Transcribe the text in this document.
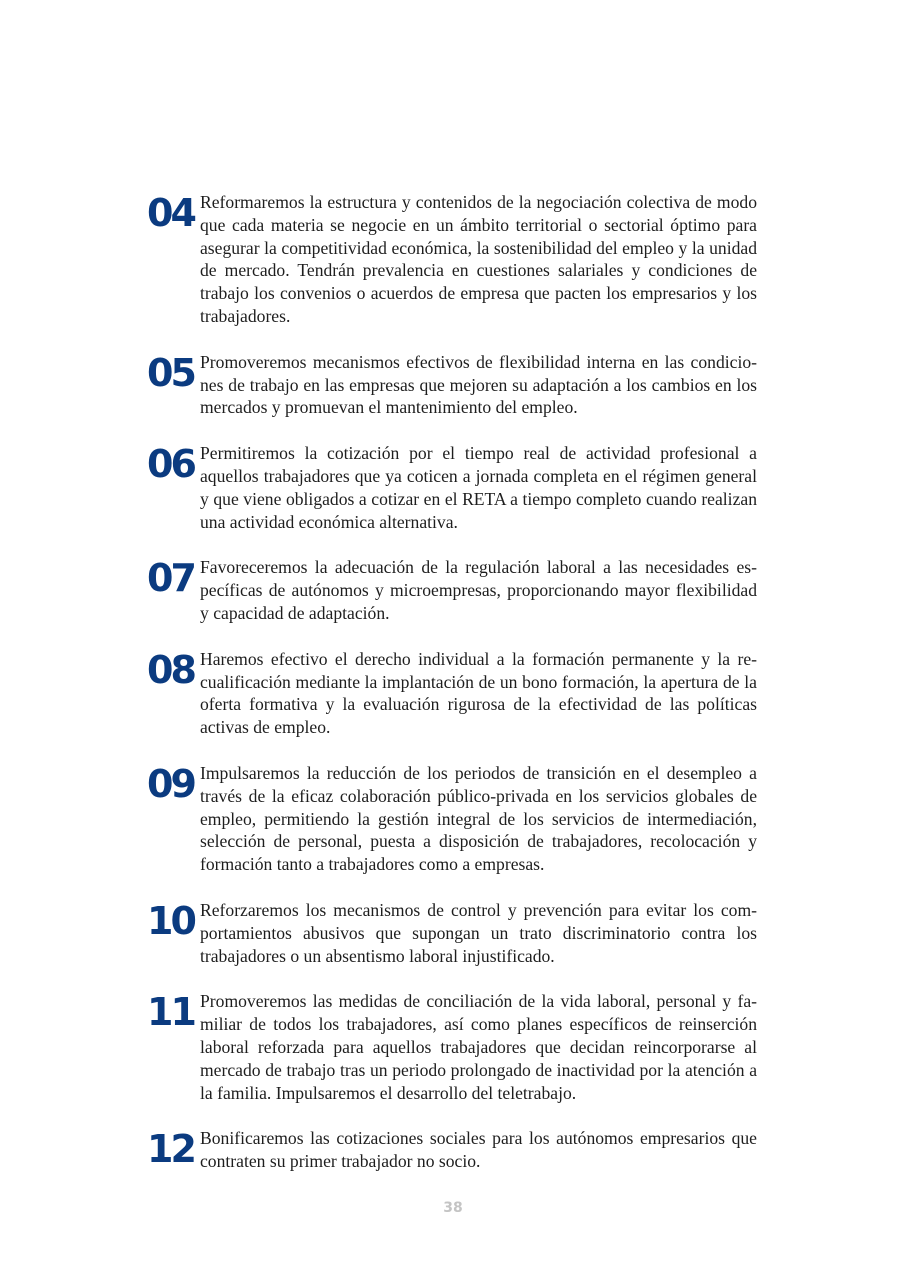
04 Reformaremos la estructura y contenidos de la negociación colectiva de modo que cada materia se negocie en un ámbito territorial o sectorial óptimo para asegurar la competitividad económica, la sostenibilidad del empleo y la unidad de mercado. Tendrán prevalencia en cuestiones salariales y condiciones de trabajo los convenios o acuerdos de empresa que pacten los empresarios y los trabajadores.
05 Promoveremos mecanismos efectivos de flexibilidad interna en las condiciones de trabajo en las empresas que mejoren su adaptación a los cambios en los mercados y promuevan el mantenimiento del empleo.
06 Permitiremos la cotización por el tiempo real de actividad profesional a aquellos trabajadores que ya coticen a jornada completa en el régimen general y que viene obligados a cotizar en el RETA a tiempo completo cuando realizan una actividad económica alternativa.
07 Favoreceremos la adecuación de la regulación laboral a las necesidades específicas de autónomos y microempresas, proporcionando mayor flexibilidad y capacidad de adaptación.
08 Haremos efectivo el derecho individual a la formación permanente y la recualificación mediante la implantación de un bono formación, la apertura de la oferta formativa y la evaluación rigurosa de la efectividad de las políticas activas de empleo.
09 Impulsaremos la reducción de los periodos de transición en el desempleo a través de la eficaz colaboración público-privada en los servicios globales de empleo, permitiendo la gestión integral de los servicios de intermediación, selección de personal, puesta a disposición de trabajadores, recolocación y formación tanto a trabajadores como a empresas.
10 Reforzaremos los mecanismos de control y prevención para evitar los comportamientos abusivos que supongan un trato discriminatorio contra los trabajadores o un absentismo laboral injustificado.
11 Promoveremos las medidas de conciliación de la vida laboral, personal y familiar de todos los trabajadores, así como planes específicos de reinserción laboral reforzada para aquellos trabajadores que decidan reincorporarse al mercado de trabajo tras un periodo prolongado de inactividad por la atención a la familia. Impulsaremos el desarrollo del teletrabajo.
12 Bonificaremos las cotizaciones sociales para los autónomos empresarios que contraten su primer trabajador no socio.
38
